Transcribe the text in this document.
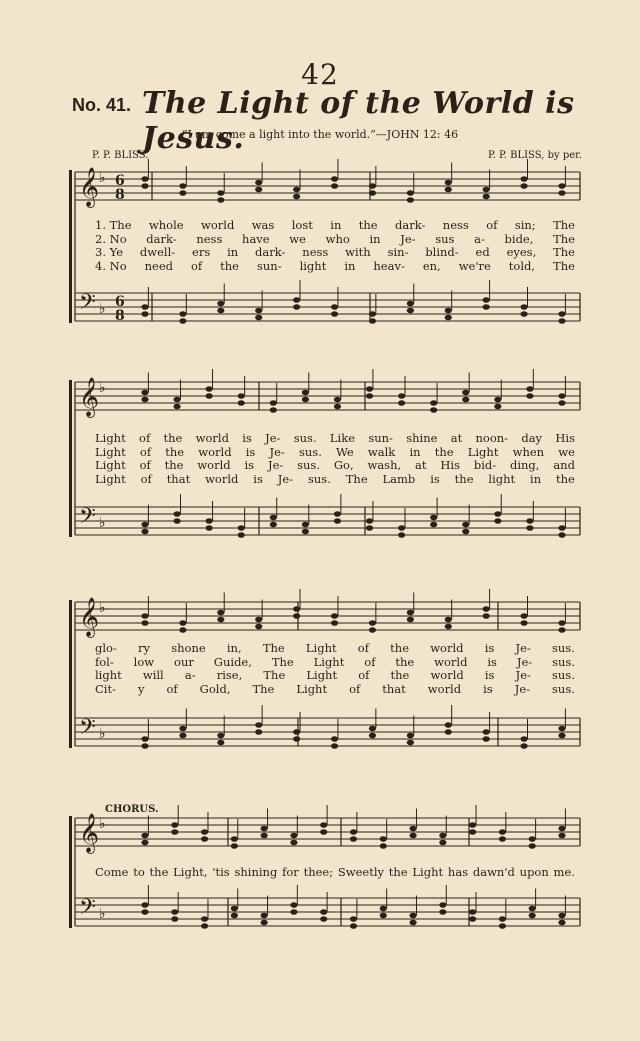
42
No. 41. The Light of the World is Jesus.
“I am come a light into the world.”—JOHN 12: 46
P. P. BLISS.	P. P. BLISS, by per.
CHORUS.
𝄞
𝄢
♭
♭
6
8
6
8
𝄞
𝄢
♭
♭
𝄞
𝄢
♭
♭
𝄞
𝄢
♭
♭
1. The whole world was lost in the dark- ness of sin; The
2. No dark- ness have we who in Je- sus a- bide, The
3. Ye dwell- ers in dark- ness with sin- blind- ed eyes, The
4. No need of the sun- light in heav- en, we're told, The
Light of the world is Je- sus. Like sun- shine at noon- day His
Light of the world is Je- sus. We walk in the Light when we
Light of the world is Je- sus. Go, wash, at His bid- ding, and
Light of that world is Je- sus. The Lamb is the light in the
glo- ry shone in, The Light of the world is Je- sus.
fol- low our Guide, The Light of the world is Je- sus.
light will a- rise, The Light of the world is Je- sus.
Cit- y of Gold, The Light of that world is Je- sus.
Come to the Light, 'tis shining for thee; Sweetly the Light has dawn'd upon me.
